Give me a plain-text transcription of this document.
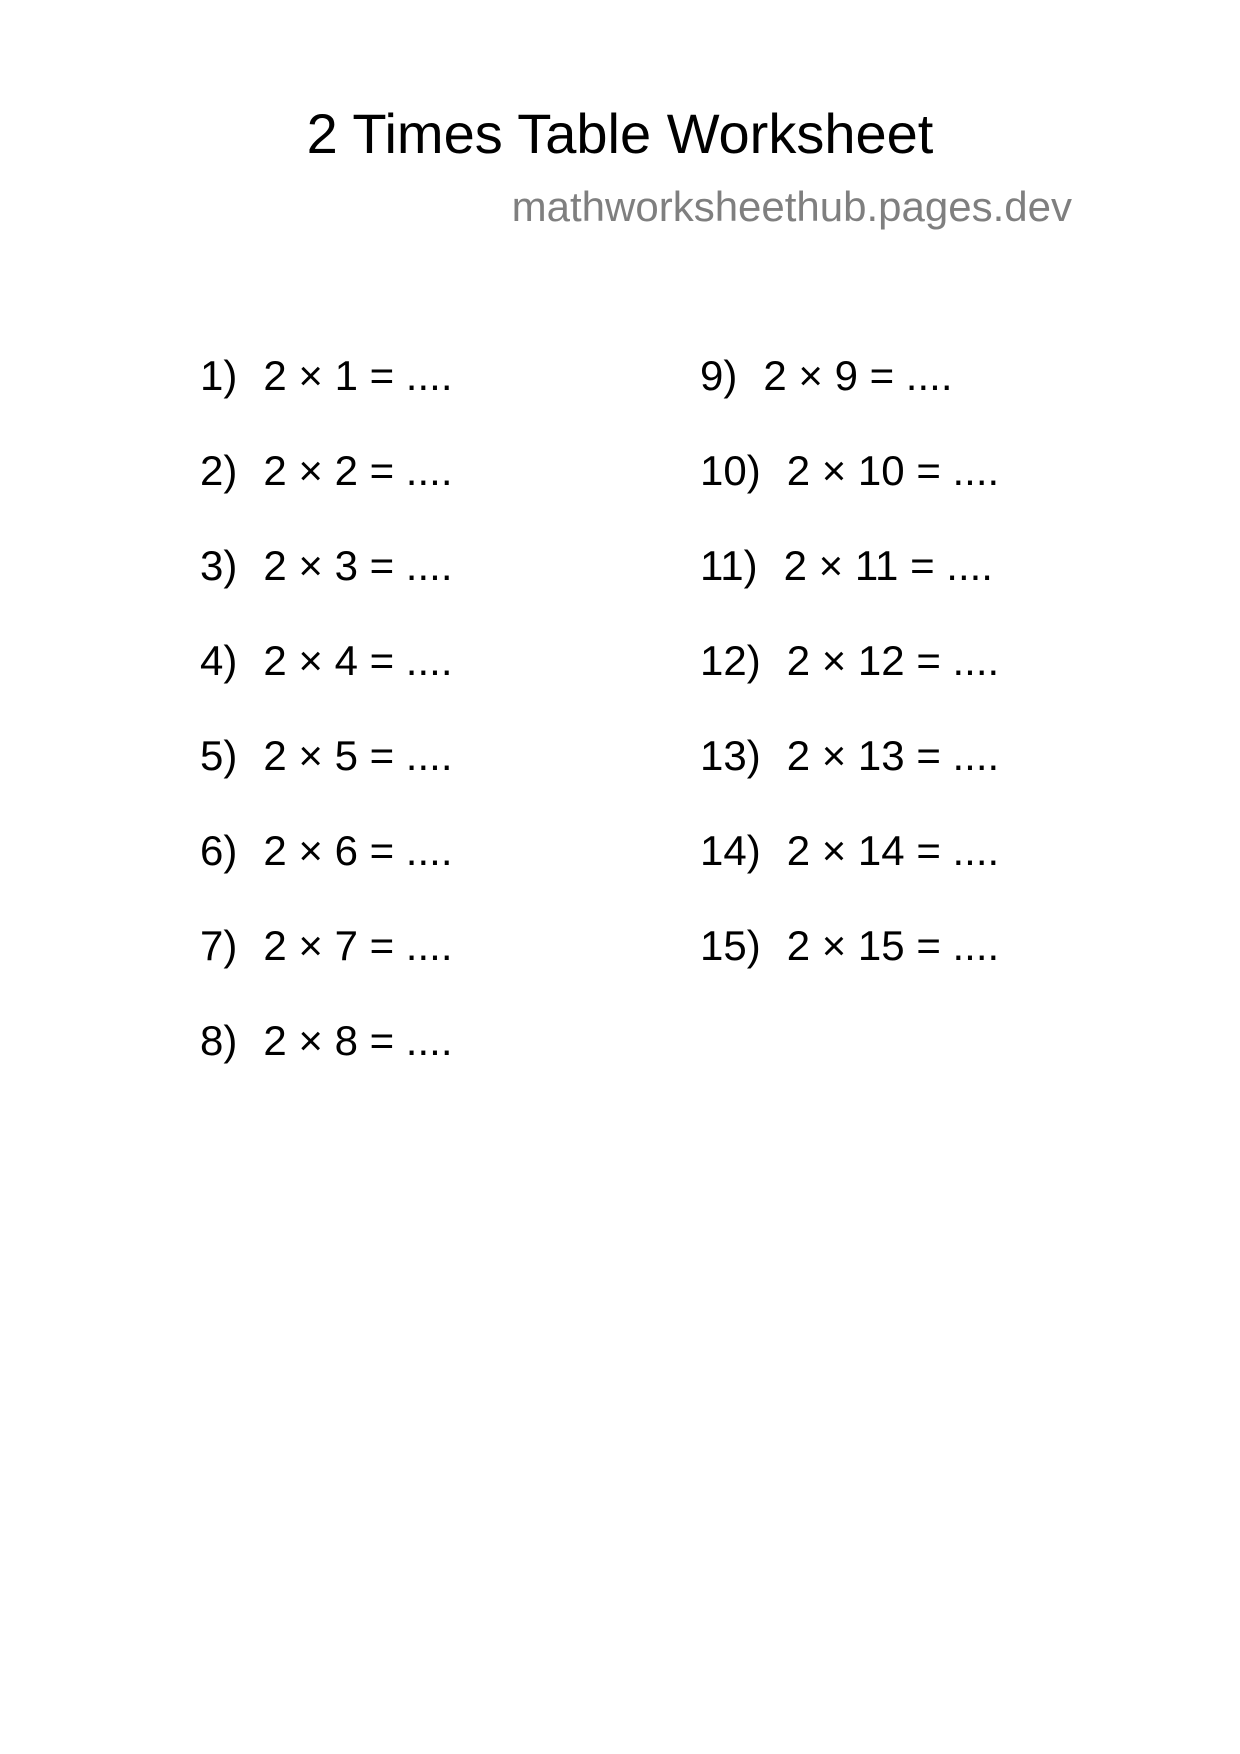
2 Times Table Worksheet
mathworksheethub.pages.dev
1) 2 × 1 = ....
2) 2 × 2 = ....
3) 2 × 3 = ....
4) 2 × 4 = ....
5) 2 × 5 = ....
6) 2 × 6 = ....
7) 2 × 7 = ....
8) 2 × 8 = ....
9) 2 × 9 = ....
10) 2 × 10 = ....
11) 2 × 11 = ....
12) 2 × 12 = ....
13) 2 × 13 = ....
14) 2 × 14 = ....
15) 2 × 15 = ....
